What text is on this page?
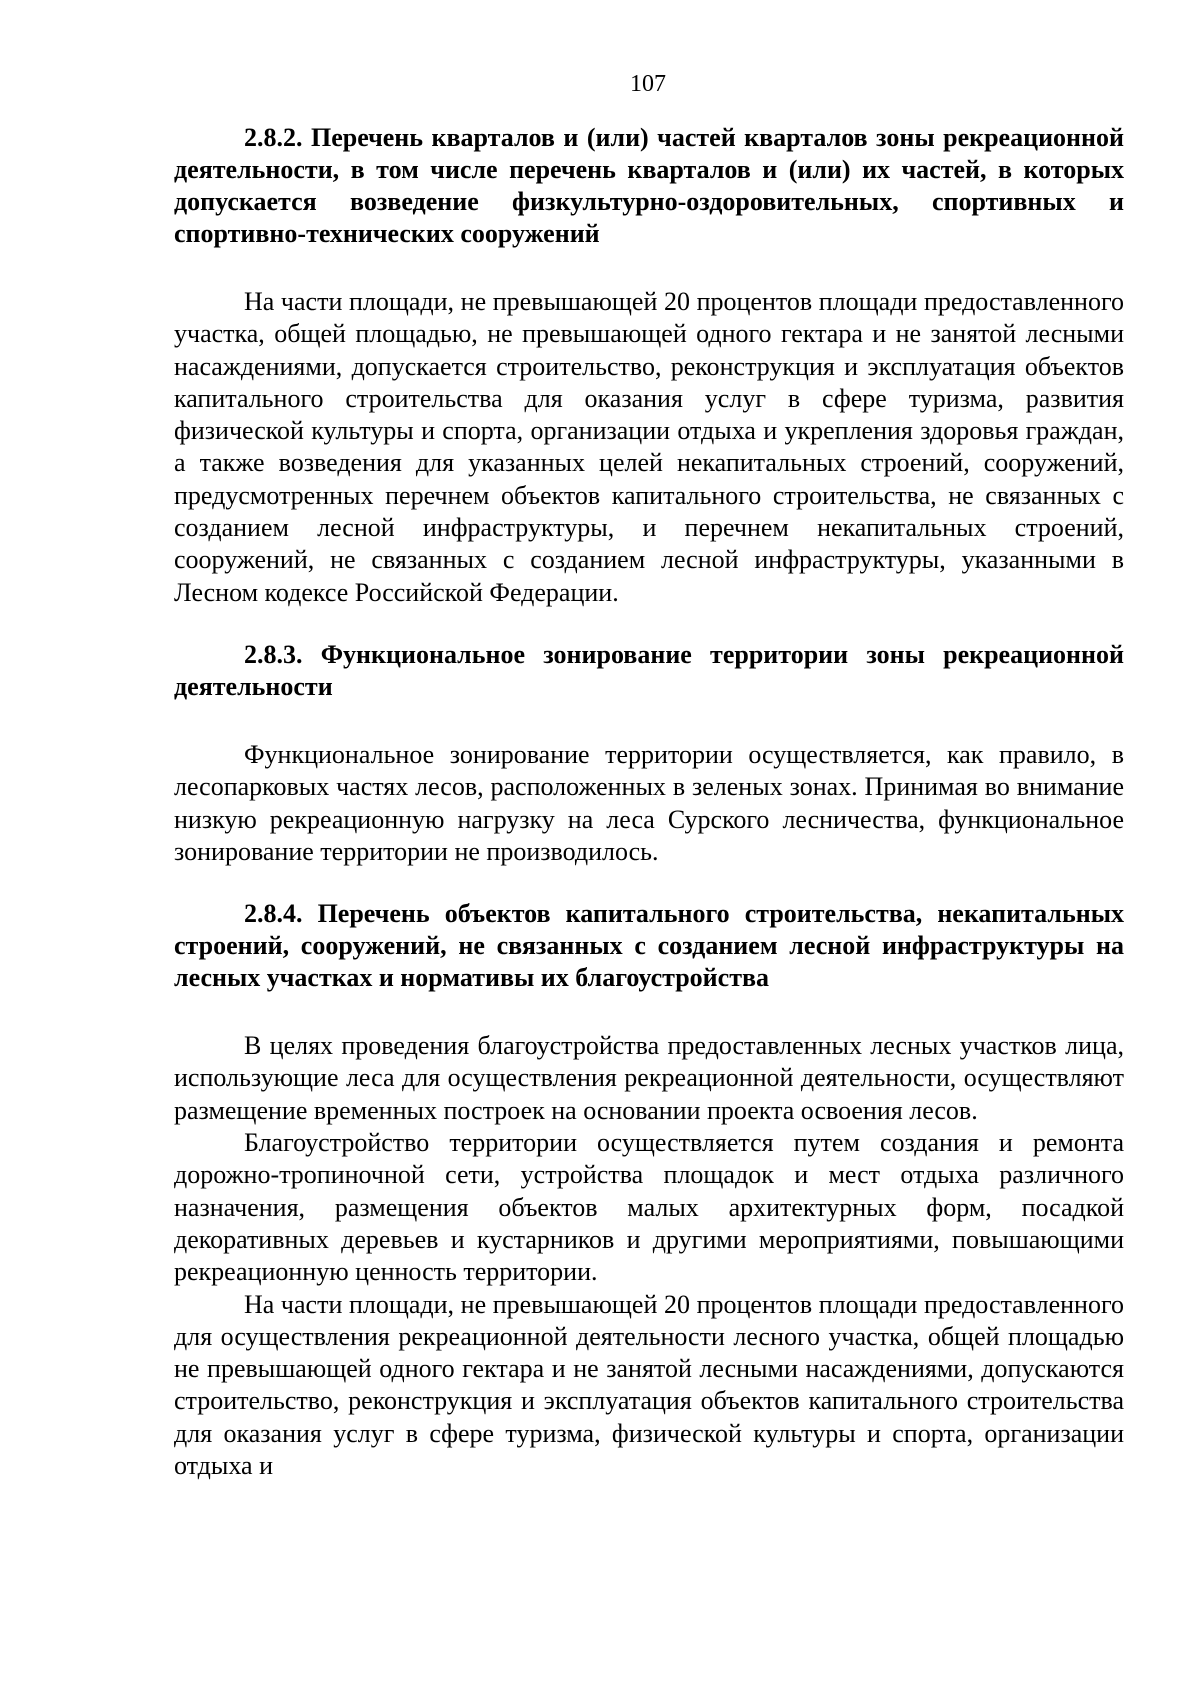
107

2.8.2. Перечень кварталов и (или) частей кварталов зоны рекреационной деятельности, в том числе перечень кварталов и (или) их частей, в которых допускается возведение физкультурно-оздоровительных, спортивных и спортивно-технических сооружений

На части площади, не превышающей 20 процентов площади предоставленного участка, общей площадью, не превышающей одного гектара и не занятой лесными насаждениями, допускается строительство, реконструкция и эксплуатация объектов капитального строительства для оказания услуг в сфере туризма, развития физической культуры и спорта, организации отдыха и укрепления здоровья граждан, а также возведения для указанных целей некапитальных строений, сооружений, предусмотренных перечнем объектов капитального строительства, не связанных с созданием лесной инфраструктуры, и перечнем некапитальных строений, сооружений, не связанных с созданием лесной инфраструктуры, указанными в Лесном кодексе Российской Федерации.

2.8.3. Функциональное зонирование территории зоны рекреационной деятельности

Функциональное зонирование территории осуществляется, как правило, в лесопарковых частях лесов, расположенных в зеленых зонах. Принимая во внимание низкую рекреационную нагрузку на леса Сурского лесничества, функциональное зонирование территории не производилось.

2.8.4. Перечень объектов капитального строительства, некапитальных строений, сооружений, не связанных с созданием лесной инфраструктуры на лесных участках и нормативы их благоустройства

В целях проведения благоустройства предоставленных лесных участков лица, использующие леса для осуществления рекреационной деятельности, осуществляют размещение временных построек на основании проекта освоения лесов.

Благоустройство территории осуществляется путем создания и ремонта дорожно-тропиночной сети, устройства площадок и мест отдыха различного назначения, размещения объектов малых архитектурных форм, посадкой декоративных деревьев и кустарников и другими мероприятиями, повышающими рекреационную ценность территории.

На части площади, не превышающей 20 процентов площади предоставленного для осуществления рекреационной деятельности лесного участка, общей площадью не превышающей одного гектара и не занятой лесными насаждениями, допускаются строительство, реконструкция и эксплуатация объектов капитального строительства для оказания услуг в сфере туризма, физической культуры и спорта, организации отдыха и
